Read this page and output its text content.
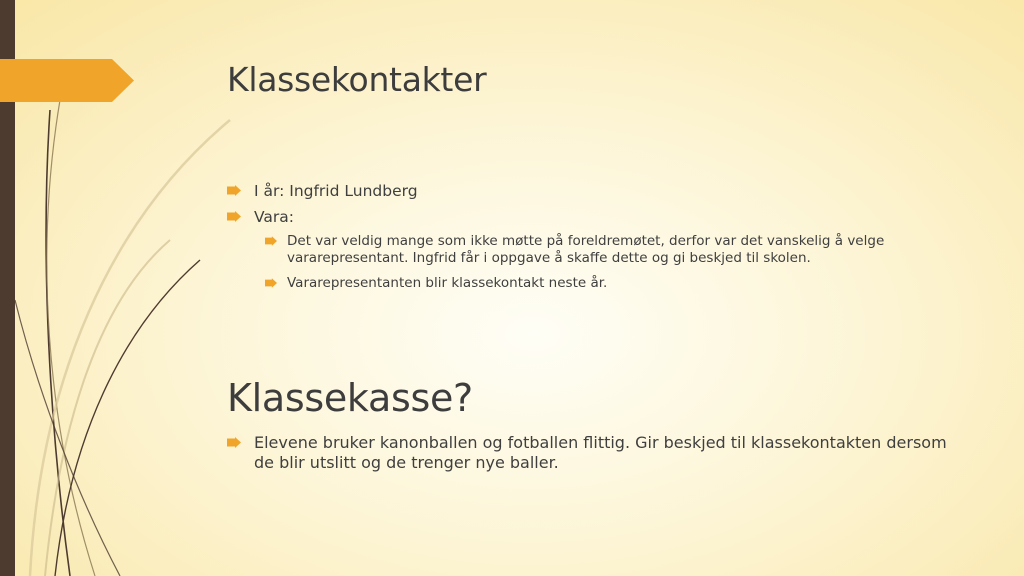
Klassekontakter
I år: Ingfrid Lundberg
Vara:
Det var veldig mange som ikke møtte på foreldremøtet, derfor var det vanskelig å velge vararepresentant. Ingfrid får i oppgave å skaffe dette og gi beskjed til skolen.
Vararepresentanten blir klassekontakt neste år.
Klassekasse?
Elevene bruker kanonballen og fotballen flittig. Gir beskjed til klassekontakten dersom de blir utslitt og de trenger nye baller.
